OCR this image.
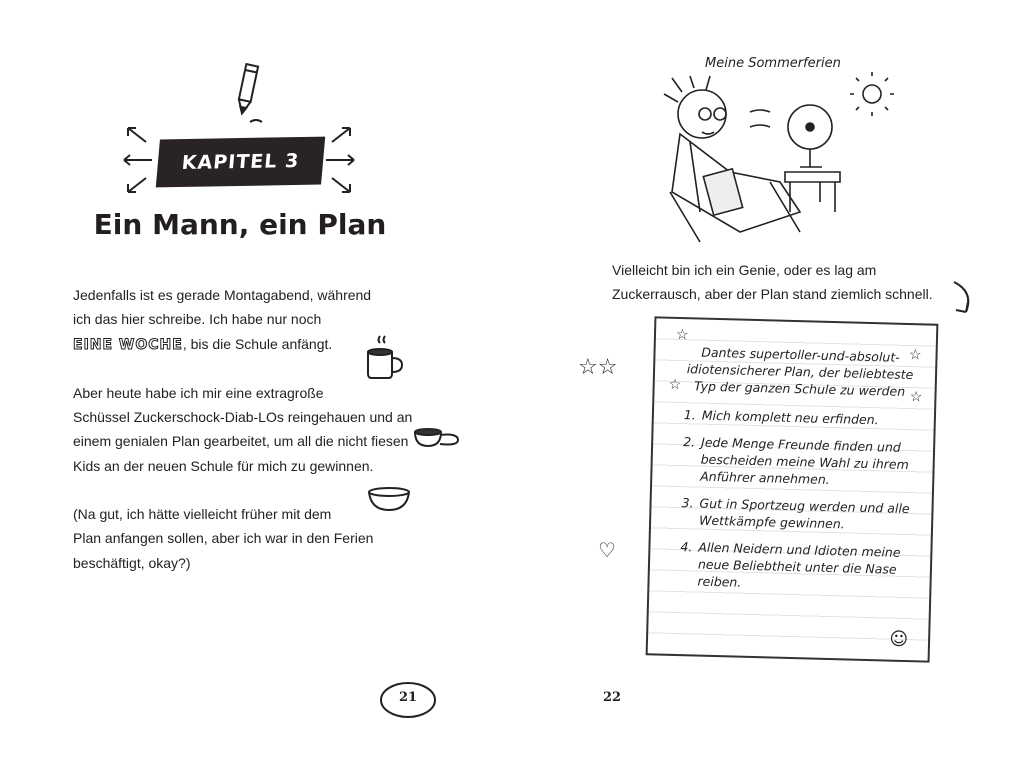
KAPITEL 3
Ein Mann, ein Plan
Jedenfalls ist es gerade Montagabend, während
ich das hier schreibe. Ich habe nur noch
EINE WOCHE, bis die Schule anfängt.
Aber heute habe ich mir eine extragroße
Schüssel Zuckerschock-Diab-LOs reingehauen und an
einem genialen Plan gearbeitet, um all die nicht fiesen
Kids an der neuen Schule für mich zu gewinnen.
(Na gut, ich hätte vielleicht früher mit dem
Plan anfangen sollen, aber ich war in den Ferien
beschäftigt, okay?)
21
Meine Sommerferien
Vielleicht bin ich ein Genie, oder es lag am
Zuckerrausch, aber der Plan stand ziemlich schnell.
☆☆
♡
Dantes supertoller-und-absolut-idiotensicherer Plan, der beliebteste Typ der ganzen Schule zu werden
1. Mich komplett neu erfinden.
2. Jede Menge Freunde finden und bescheiden meine Wahl zu ihrem Anführer annehmen.
3. Gut in Sportzeug werden und alle Wettkämpfe gewinnen.
4. Allen Neidern und Idioten meine neue Beliebtheit unter die Nase reiben.
☆
☆
☆
☆
☺
22
